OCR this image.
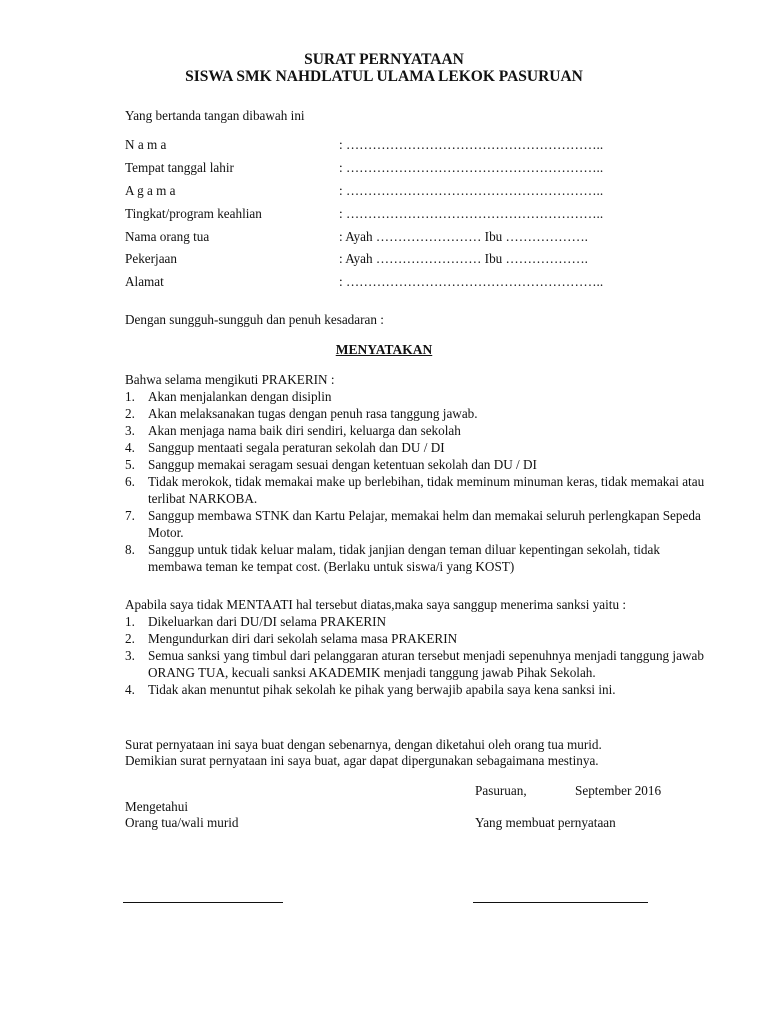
SURAT PERNYATAAN
SISWA SMK NAHDLATUL ULAMA LEKOK PASURUAN
Yang bertanda tangan dibawah ini
N a m a	: …………………………………………………..
Tempat tanggal lahir	: …………………………………………………..
A g a m a	: …………………………………………………..
Tingkat/program keahlian	: …………………………………………………..
Nama orang tua	: Ayah …………………… Ibu ……………….
Pekerjaan	: Ayah …………………… Ibu ……………….
Alamat	: …………………………………………………..
Dengan sungguh-sungguh dan penuh kesadaran :
MENYATAKAN
Bahwa selama mengikuti PRAKERIN :
1. Akan menjalankan dengan disiplin
2. Akan melaksanakan tugas dengan penuh rasa tanggung jawab.
3. Akan menjaga nama baik diri sendiri, keluarga dan sekolah
4. Sanggup mentaati segala peraturan sekolah dan DU / DI
5. Sanggup memakai seragam sesuai dengan ketentuan sekolah dan DU / DI
6. Tidak merokok, tidak memakai make up berlebihan, tidak meminum minuman keras, tidak memakai atau terlibat NARKOBA.
7. Sanggup membawa STNK dan Kartu Pelajar, memakai helm dan memakai seluruh perlengkapan Sepeda Motor.
8. Sanggup untuk tidak keluar malam, tidak janjian dengan teman diluar kepentingan sekolah, tidak membawa teman ke tempat cost. (Berlaku untuk siswa/i yang KOST)
Apabila saya tidak MENTAATI hal tersebut diatas,maka saya sanggup menerima sanksi yaitu :
1. Dikeluarkan dari DU/DI selama PRAKERIN
2. Mengundurkan diri dari sekolah selama masa PRAKERIN
3. Semua sanksi yang timbul dari pelanggaran aturan tersebut menjadi sepenuhnya menjadi tanggung jawab ORANG TUA, kecuali sanksi AKADEMIK menjadi tanggung jawab Pihak Sekolah.
4. Tidak akan menuntut pihak sekolah ke pihak yang berwajib apabila saya kena sanksi ini.
Surat pernyataan ini saya buat dengan sebenarnya, dengan diketahui oleh orang tua murid.
Demikian surat pernyataan ini saya buat, agar dapat dipergunakan sebagaimana mestinya.
Pasuruan,	September 2016
Mengetahui
Orang tua/wali murid	Yang membuat pernyataan
